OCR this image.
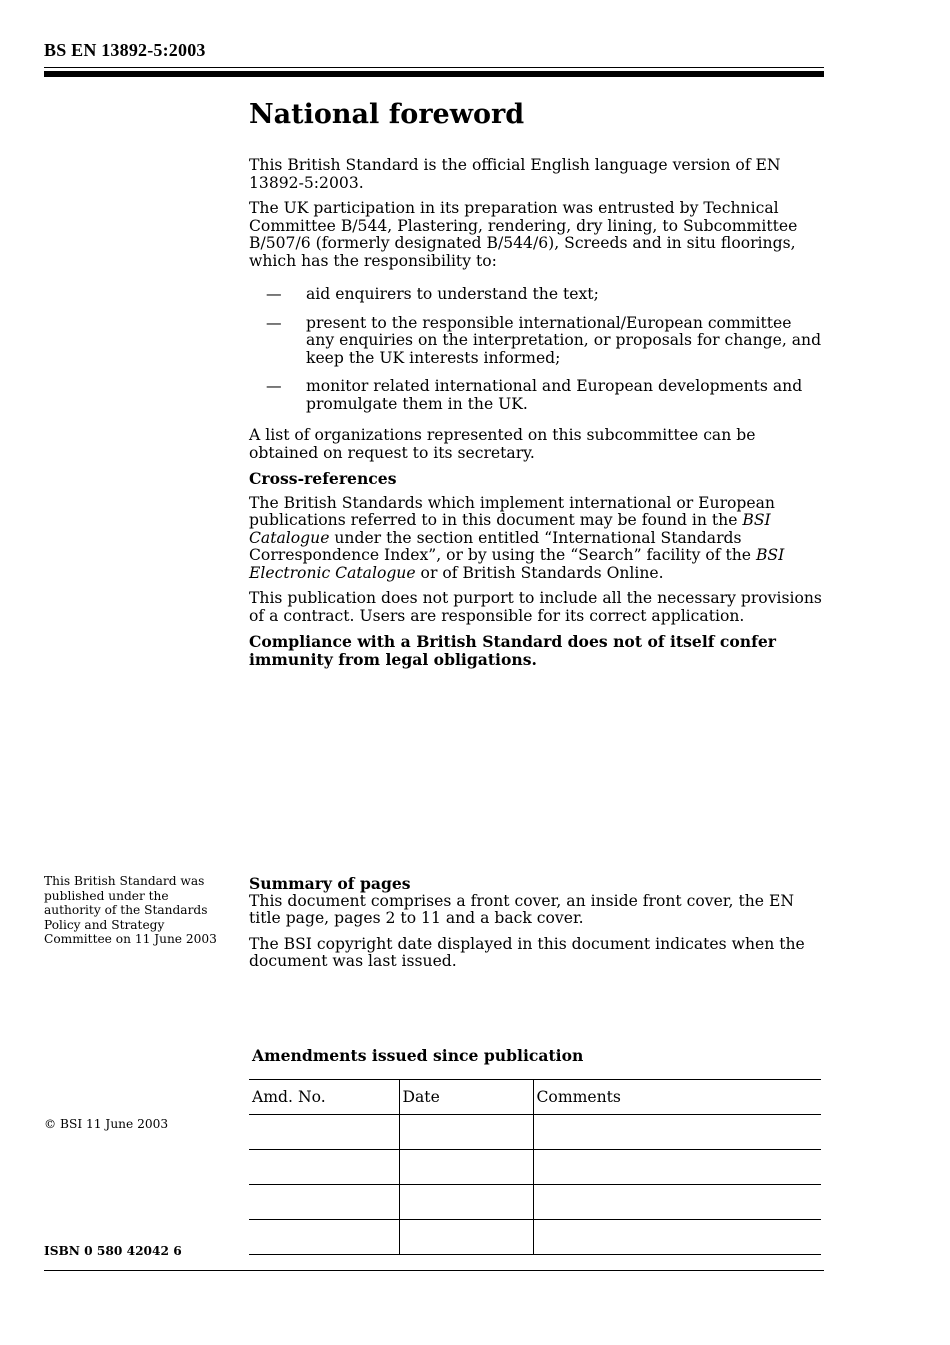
BS EN 13892-5:2003
National foreword

This British Standard is the official English language version of EN 13892-5:2003.

The UK participation in its preparation was entrusted by Technical Committee B/544, Plastering, rendering, dry lining, to Subcommittee B/507/6 (formerly designated B/544/6), Screeds and in situ floorings, which has the responsibility to:

— aid enquirers to understand the text;
— present to the responsible international/European committee any enquiries on the interpretation, or proposals for change, and keep the UK interests informed;
— monitor related international and European developments and promulgate them in the UK.

A list of organizations represented on this subcommittee can be obtained on request to its secretary.

Cross-references

The British Standards which implement international or European publications referred to in this document may be found in the BSI Catalogue under the section entitled “International Standards Correspondence Index”, or by using the “Search” facility of the BSI Electronic Catalogue or of British Standards Online.

This publication does not purport to include all the necessary provisions of a contract. Users are responsible for its correct application.

Compliance with a British Standard does not of itself confer immunity from legal obligations.

This British Standard was published under the authority of the Standards Policy and Strategy Committee on 11 June 2003
Summary of pages

This document comprises a front cover, an inside front cover, the EN title page, pages 2 to 11 and a back cover.

The BSI copyright date displayed in this document indicates when the document was last issued.

Amendments issued since publication
Amd. No.	Date	Comments

© BSI 11 June 2003
ISBN 0 580 42042 6
